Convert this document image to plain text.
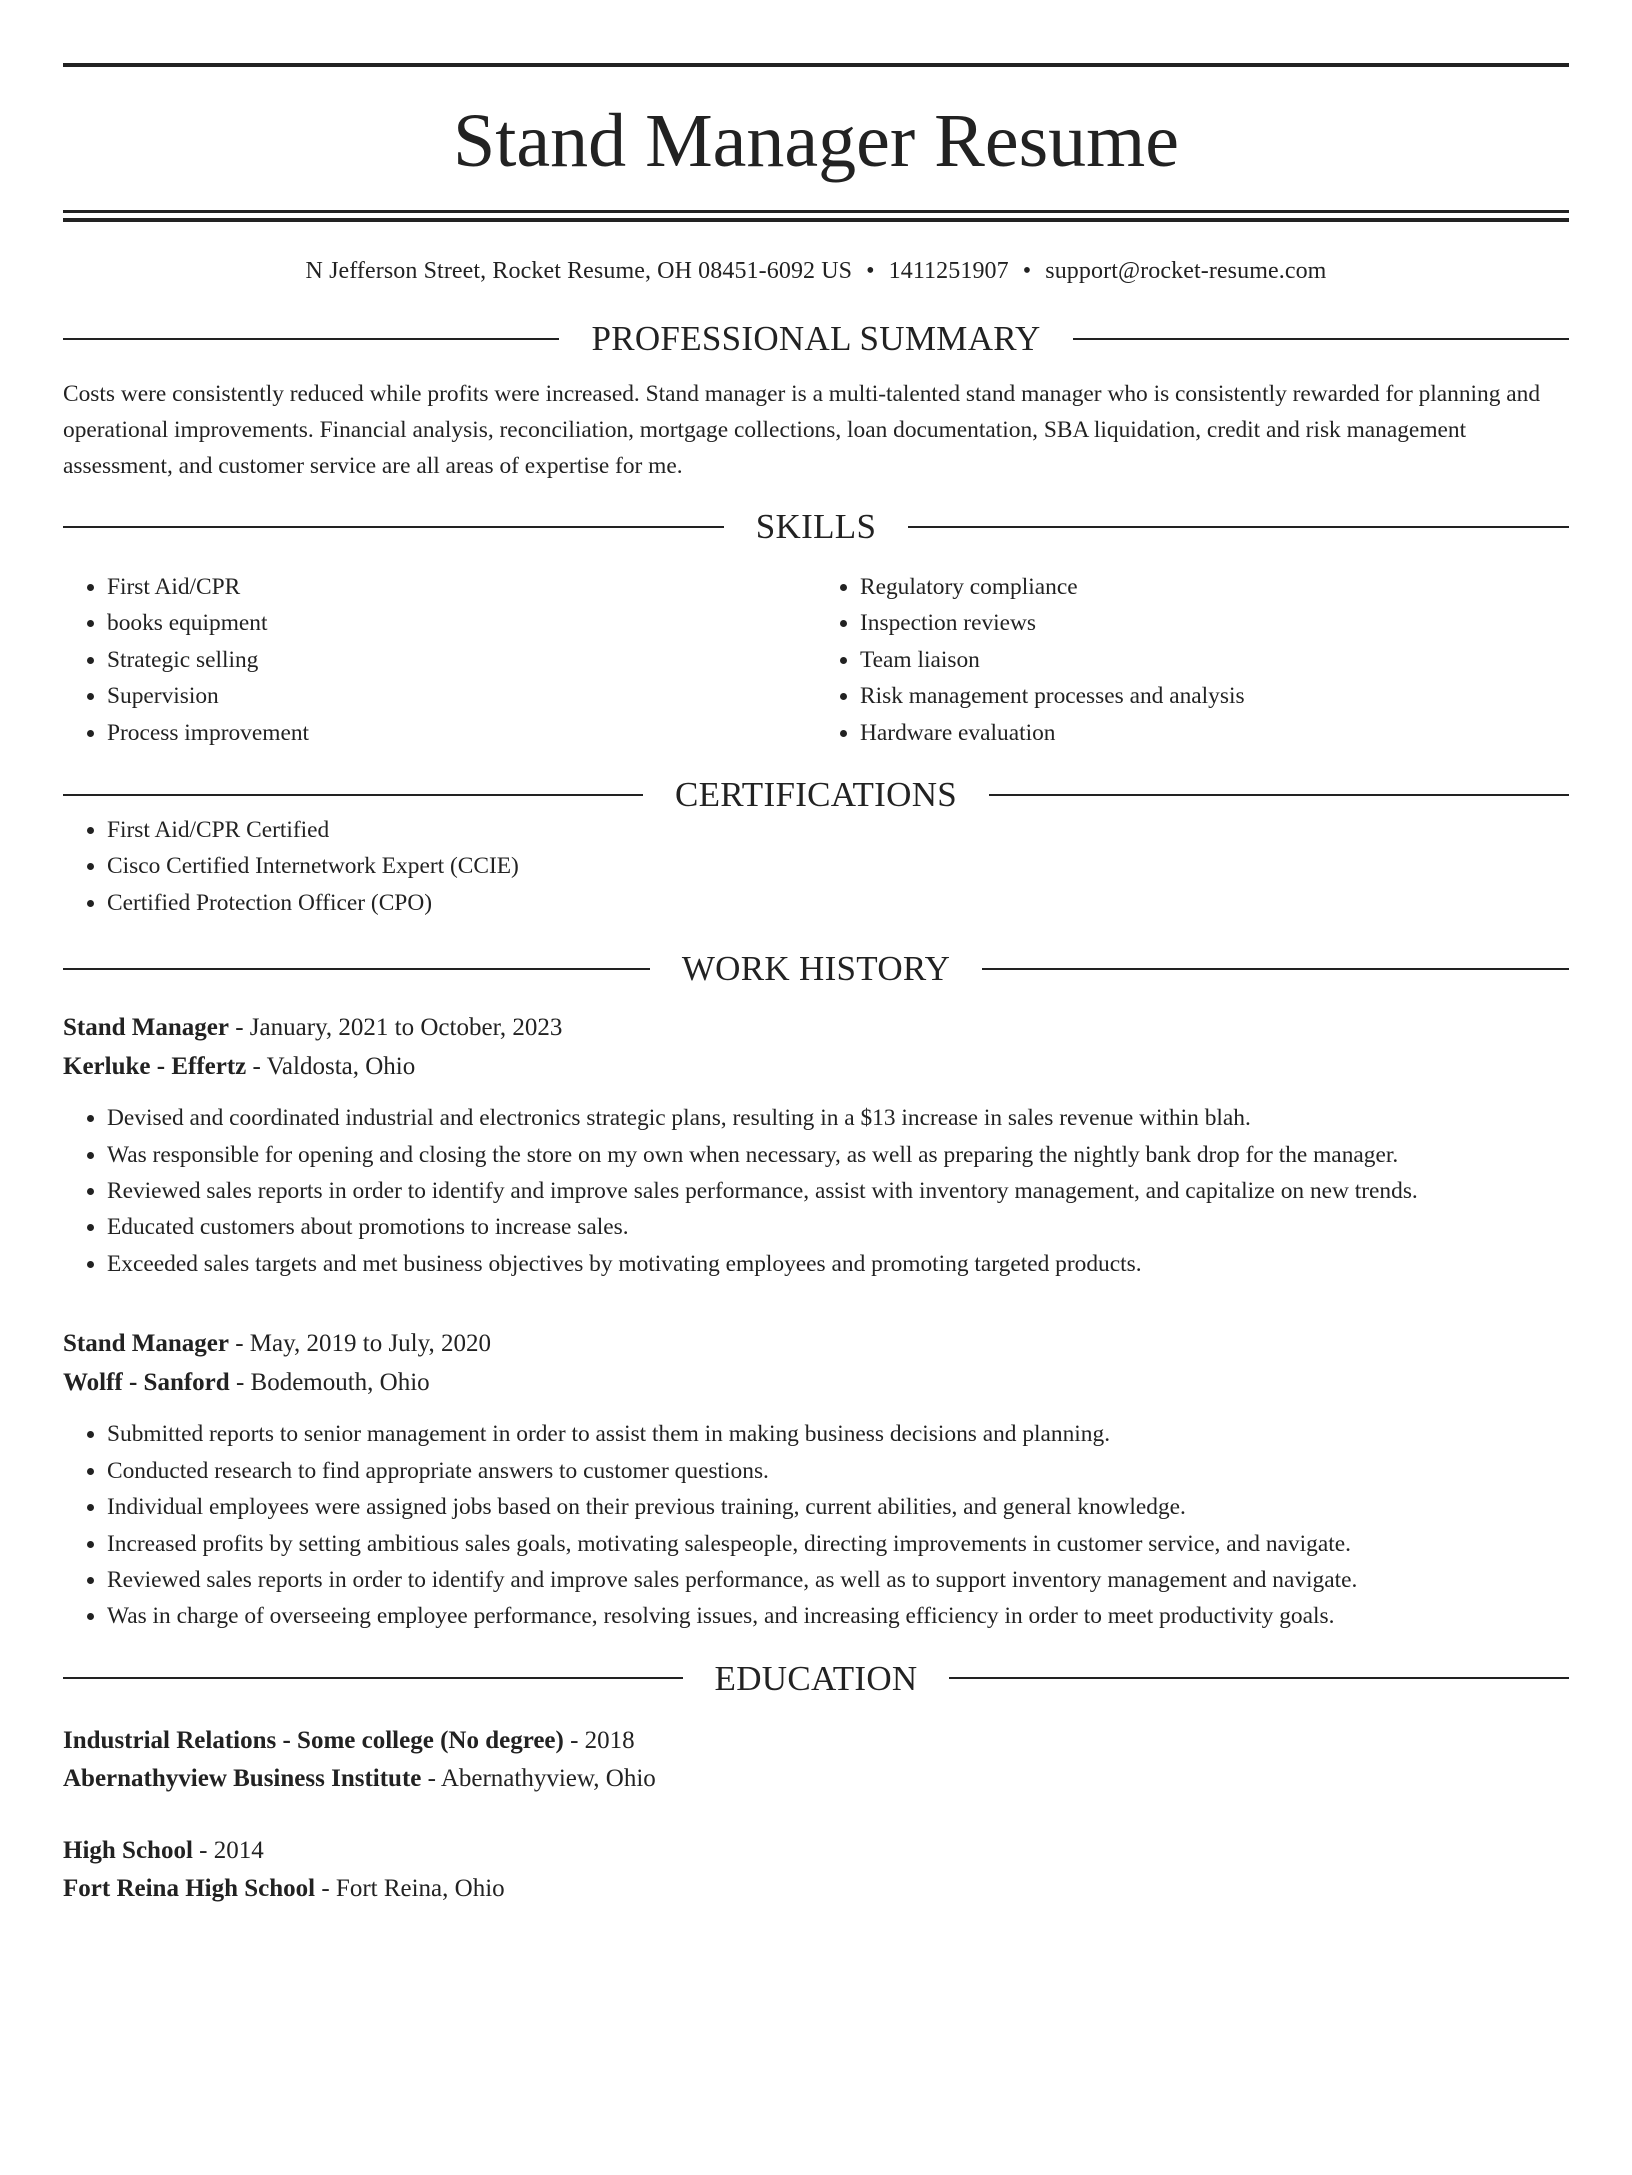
Stand Manager Resume
N Jefferson Street, Rocket Resume, OH 08451-6092 US • 1411251907 • support@rocket-resume.com
PROFESSIONAL SUMMARY

Costs were consistently reduced while profits were increased. Stand manager is a multi-talented stand manager who is consistently rewarded for planning and operational improvements. Financial analysis, reconciliation, mortgage collections, loan documentation, SBA liquidation, credit and risk management assessment, and customer service are all areas of expertise for me.

SKILLS
• First Aid/CPR
• books equipment
• Strategic selling
• Supervision
• Process improvement
• Regulatory compliance
• Inspection reviews
• Team liaison
• Risk management processes and analysis
• Hardware evaluation
CERTIFICATIONS
• First Aid/CPR Certified
• Cisco Certified Internetwork Expert (CCIE)
• Certified Protection Officer (CPO)
WORK HISTORY
Stand Manager - January, 2021 to October, 2023
Kerluke - Effertz - Valdosta, Ohio
• Devised and coordinated industrial and electronics strategic plans, resulting in a $13 increase in sales revenue within blah.
• Was responsible for opening and closing the store on my own when necessary, as well as preparing the nightly bank drop for the manager.
• Reviewed sales reports in order to identify and improve sales performance, assist with inventory management, and capitalize on new trends.
• Educated customers about promotions to increase sales.
• Exceeded sales targets and met business objectives by motivating employees and promoting targeted products.
Stand Manager - May, 2019 to July, 2020
Wolff - Sanford - Bodemouth, Ohio
• Submitted reports to senior management in order to assist them in making business decisions and planning.
• Conducted research to find appropriate answers to customer questions.
• Individual employees were assigned jobs based on their previous training, current abilities, and general knowledge.
• Increased profits by setting ambitious sales goals, motivating salespeople, directing improvements in customer service, and navigate.
• Reviewed sales reports in order to identify and improve sales performance, as well as to support inventory management and navigate.
• Was in charge of overseeing employee performance, resolving issues, and increasing efficiency in order to meet productivity goals.
EDUCATION
Industrial Relations - Some college (No degree) - 2018
Abernathyview Business Institute - Abernathyview, Ohio
High School - 2014
Fort Reina High School - Fort Reina, Ohio
